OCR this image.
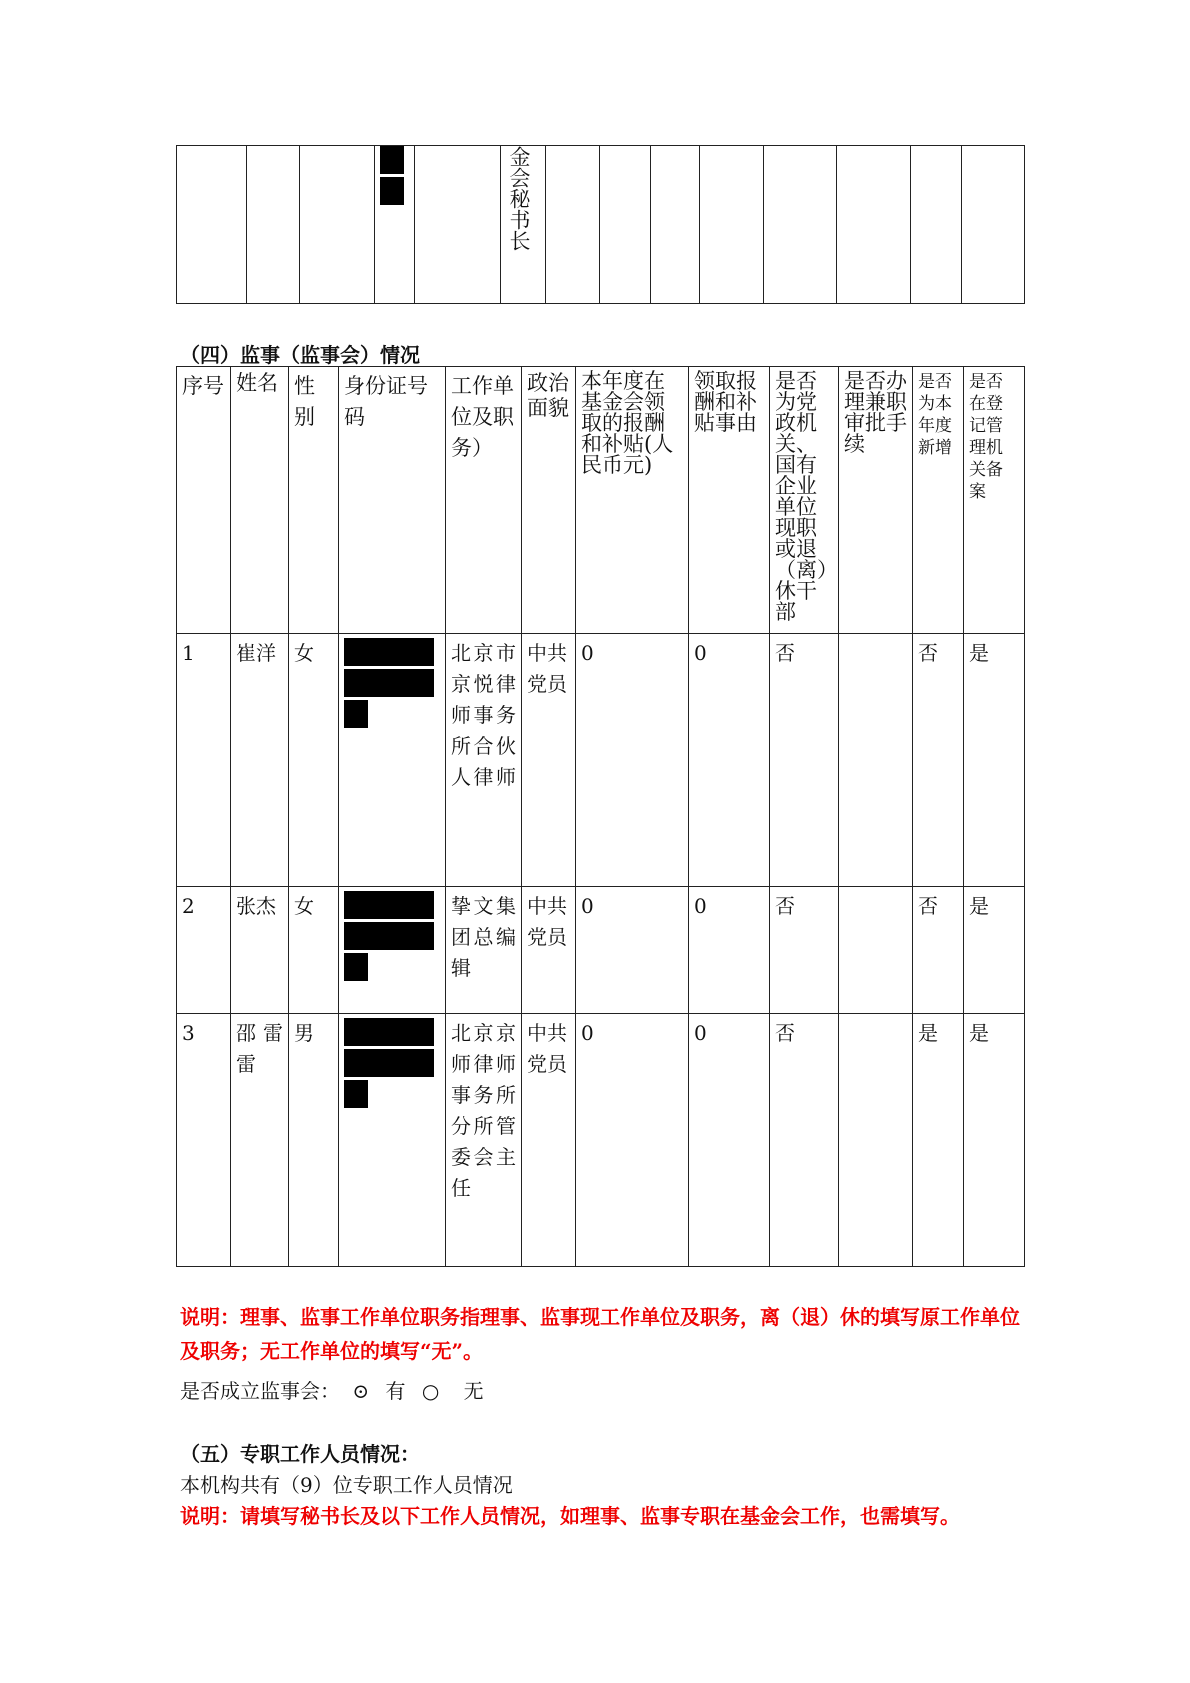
金会秘书长

（四）监事（监事会）情况
序号	姓名	性别	身份证号码	工作单位及职务）	政治面貌	本年度在基金会领取的报酬和补贴(人民币元)	领取报酬和补贴事由	是否为党政机关、国有企业单位现职或退（离）休干部	是否办理兼职审批手续	是否为本年度新增	是否在登记管理机关备案
1	崔洋	女		北京市京悦律师事务所合伙人律师	中共党员	0	0	否		否	是
2	张杰	女		挚文集团总编辑	中共党员	0	0	否		否	是
3	邵雷雷	男		北京京师律师事务所分所管委会主任	中共党员	0	0	否		是	是
说明：理事、监事工作单位职务指理事、监事现工作单位及职务，离（退）休的填写原工作单位及职务；无工作单位的填写“无”。
是否成立监事会： ⊙ 有 ○ 无
（五）专职工作人员情况：
本机构共有（9）位专职工作人员情况
说明：请填写秘书长及以下工作人员情况，如理事、监事专职在基金会工作，也需填写。
